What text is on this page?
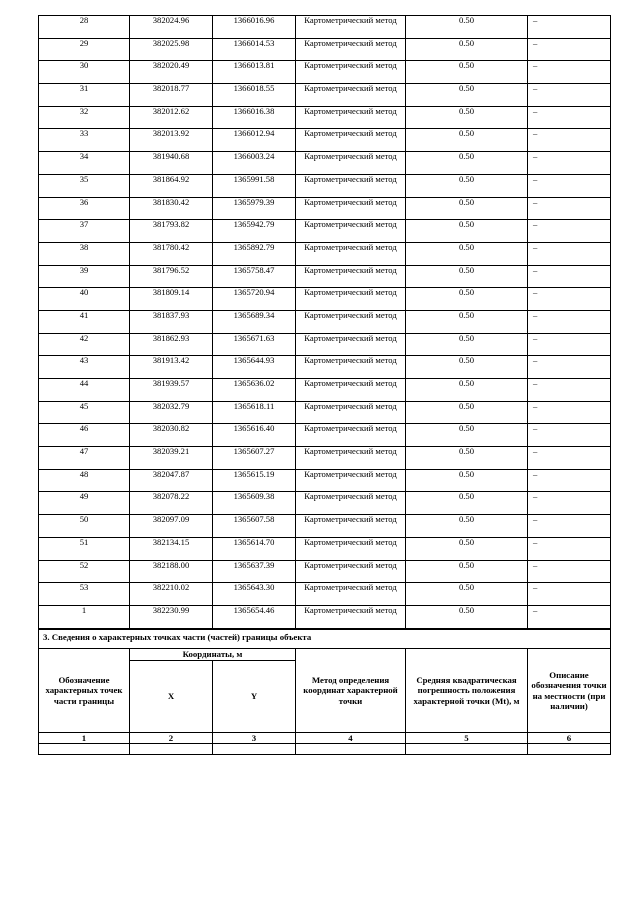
28	382024.96	1366016.96	Картометрический метод	0.50	–
29	382025.98	1366014.53	Картометрический метод	0.50	–
30	382020.49	1366013.81	Картометрический метод	0.50	–
31	382018.77	1366018.55	Картометрический метод	0.50	–
32	382012.62	1366016.38	Картометрический метод	0.50	–
33	382013.92	1366012.94	Картометрический метод	0.50	–
34	381940.68	1366003.24	Картометрический метод	0.50	–
35	381864.92	1365991.58	Картометрический метод	0.50	–
36	381830.42	1365979.39	Картометрический метод	0.50	–
37	381793.82	1365942.79	Картометрический метод	0.50	–
38	381780.42	1365892.79	Картометрический метод	0.50	–
39	381796.52	1365758.47	Картометрический метод	0.50	–
40	381809.14	1365720.94	Картометрический метод	0.50	–
41	381837.93	1365689.34	Картометрический метод	0.50	–
42	381862.93	1365671.63	Картометрический метод	0.50	–
43	381913.42	1365644.93	Картометрический метод	0.50	–
44	381939.57	1365636.02	Картометрический метод	0.50	–
45	382032.79	1365618.11	Картометрический метод	0.50	–
46	382030.82	1365616.40	Картометрический метод	0.50	–
47	382039.21	1365607.27	Картометрический метод	0.50	–
48	382047.87	1365615.19	Картометрический метод	0.50	–
49	382078.22	1365609.38	Картометрический метод	0.50	–
50	382097.09	1365607.58	Картометрический метод	0.50	–
51	382134.15	1365614.70	Картометрический метод	0.50	–
52	382188.00	1365637.39	Картометрический метод	0.50	–
53	382210.02	1365643.30	Картометрический метод	0.50	–
1	382230.99	1365654.46	Картометрический метод	0.50	–
3. Сведения о характерных точках части (частей) границы объекта					
Обозначение характерных точек части границы	Координаты, м		Метод определения координат характерной точки	Средняя квадратическая погрешность положения характерной точки (Mt), м	Описание обозначения точки на местности (при наличии)
	X	Y			
1	2	3	4	5	6
